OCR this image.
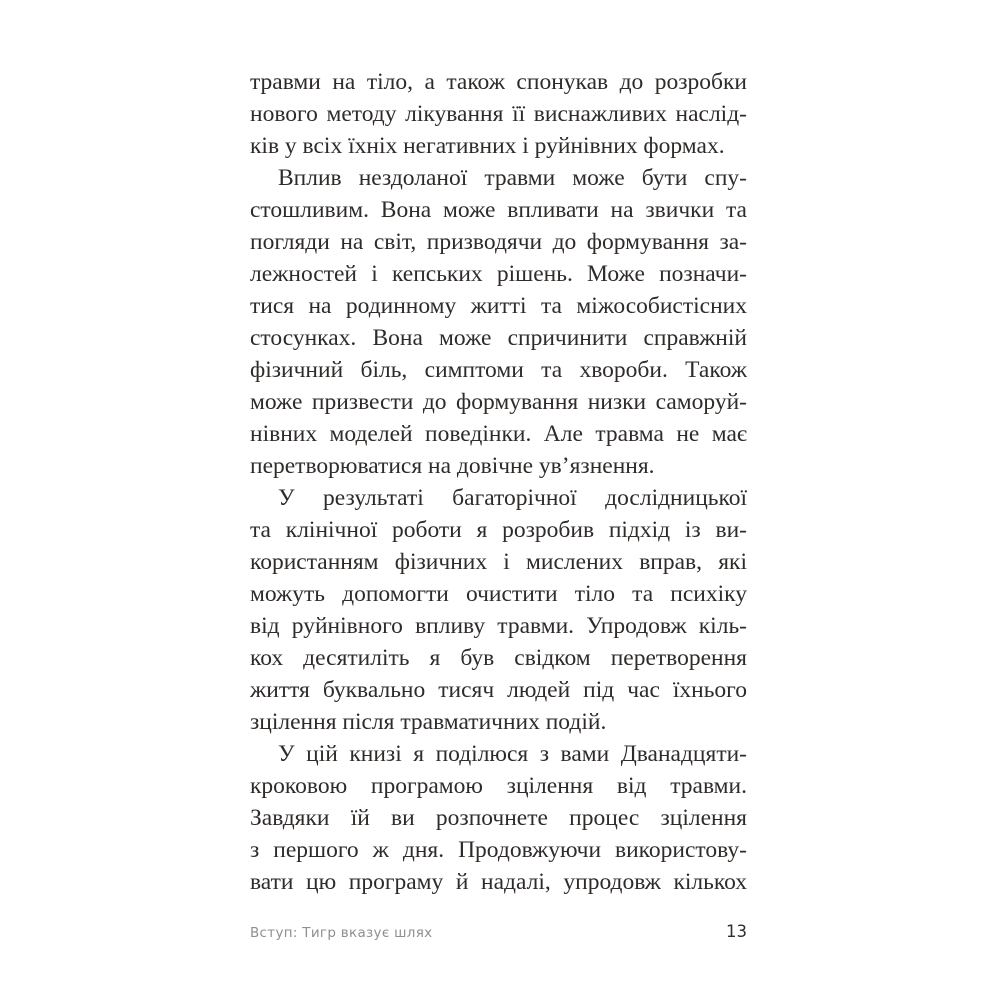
травми на тіло, а також спонукав до розробки
нового методу лікування її виснажливих наслід-
ків у всіх їхніх негативних і руйнівних формах.
Вплив нездоланої травми може бути спу-
стошливим. Вона може впливати на звички та
погляди на світ, призводячи до формування за-
лежностей і кепських рішень. Може позначи-
тися на родинному житті та міжособистісних
стосунках. Вона може спричинити справжній
фізичний біль, симптоми та хвороби. Також
може призвести до формування низки саморуй-
нівних моделей поведінки. Але травма не має
перетворюватися на довічне ув’язнення.
У результаті багаторічної дослідницької
та клінічної роботи я розробив підхід із ви-
користанням фізичних і мислених вправ, які
можуть допомогти очистити тіло та психіку
від руйнівного впливу травми. Упродовж кіль-
кох десятиліть я був свідком перетворення
життя буквально тисяч людей під час їхнього
зцілення після травматичних подій.
У цій книзі я поділюся з вами Дванадцяти-
кроковою програмою зцілення від травми.
Завдяки їй ви розпочнете процес зцілення
з першого ж дня. Продовжуючи використову-
вати цю програму й надалі, упродовж кількох
Вступ: Тигр вказує шлях	13
